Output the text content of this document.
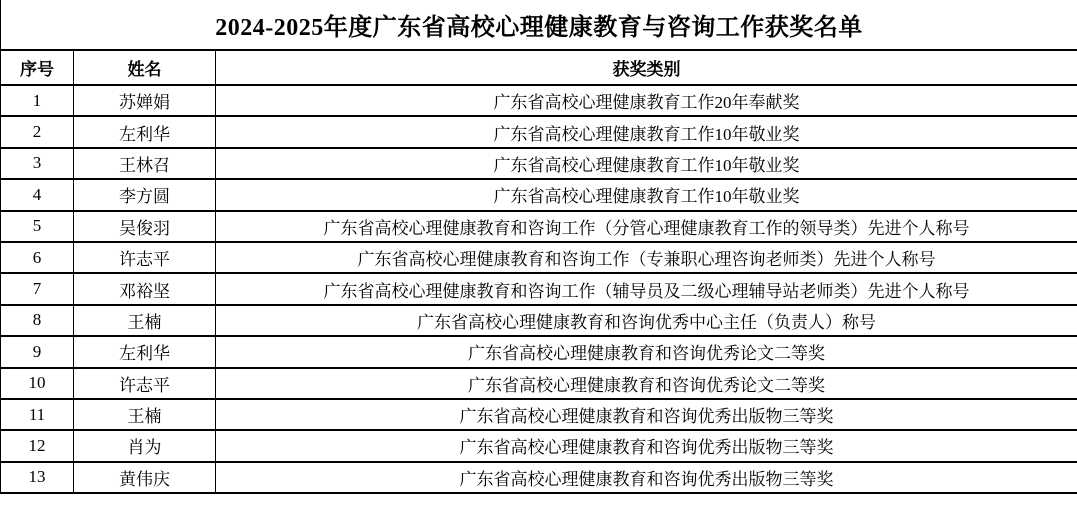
2024-2025年度广东省高校心理健康教育与咨询工作获奖名单		
序号	姓名	获奖类别
1	苏婵娟	广东省高校心理健康教育工作20年奉献奖
2	左利华	广东省高校心理健康教育工作10年敬业奖
3	王林召	广东省高校心理健康教育工作10年敬业奖
4	李方圆	广东省高校心理健康教育工作10年敬业奖
5	吴俊羽	广东省高校心理健康教育和咨询工作（分管心理健康教育工作的领导类）先进个人称号
6	许志平	广东省高校心理健康教育和咨询工作（专兼职心理咨询老师类）先进个人称号
7	邓裕坚	广东省高校心理健康教育和咨询工作（辅导员及二级心理辅导站老师类）先进个人称号
8	王楠	广东省高校心理健康教育和咨询优秀中心主任（负责人）称号
9	左利华	广东省高校心理健康教育和咨询优秀论文二等奖
10	许志平	广东省高校心理健康教育和咨询优秀论文二等奖
11	王楠	广东省高校心理健康教育和咨询优秀出版物三等奖
12	肖为	广东省高校心理健康教育和咨询优秀出版物三等奖
13	黄伟庆	广东省高校心理健康教育和咨询优秀出版物三等奖
